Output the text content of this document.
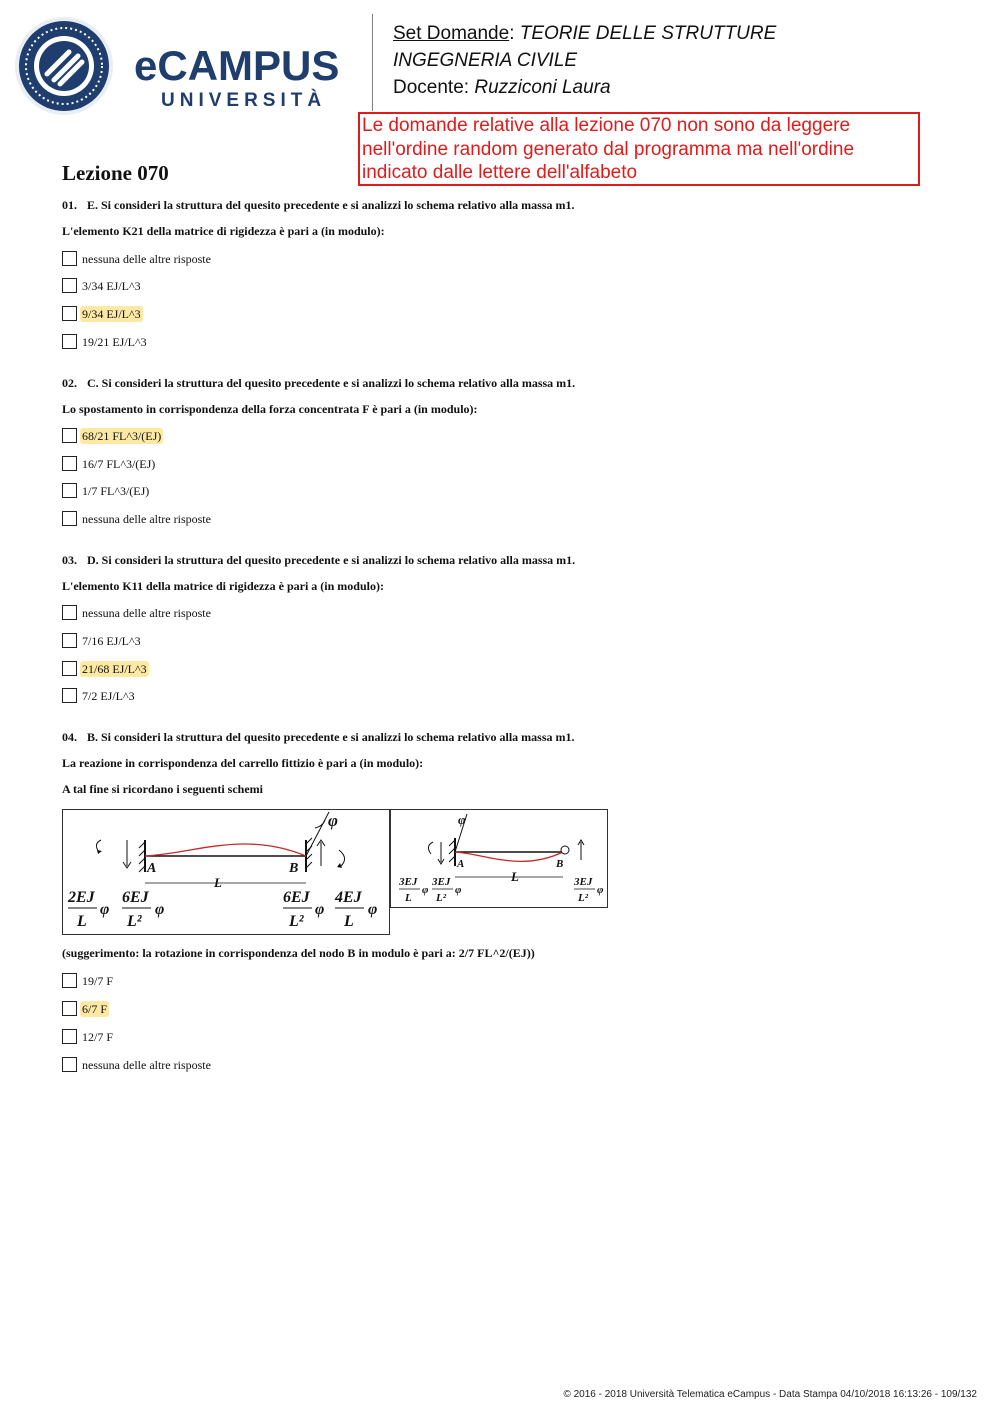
eCAMPUS
UNIVERSITÀ
Set Domande: TEORIE DELLE STRUTTURE
INGEGNERIA CIVILE
Docente: Ruzziconi Laura
Le domande relative alla lezione 070 non sono da leggere
nell'ordine random generato dal programma ma nell'ordine
indicato dalle lettere dell'alfabeto
Lezione 070
01. E. Si consideri la struttura del quesito precedente e si analizzi lo schema relativo alla massa m1.
L'elemento K21 della matrice di rigidezza è pari a (in modulo):
nessuna delle altre risposte
3/34 EJ/L^3
9/34 EJ/L^3
19/21 EJ/L^3
02. C. Si consideri la struttura del quesito precedente e si analizzi lo schema relativo alla massa m1.
Lo spostamento in corrispondenza della forza concentrata F è pari a (in modulo):
68/21 FL^3/(EJ)
16/7 FL^3/(EJ)
1/7 FL^3/(EJ)
nessuna delle altre risposte
03. D. Si consideri la struttura del quesito precedente e si analizzi lo schema relativo alla massa m1.
L'elemento K11 della matrice di rigidezza è pari a (in modulo):
nessuna delle altre risposte
7/16 EJ/L^3
21/68 EJ/L^3
7/2 EJ/L^3
04. B. Si consideri la struttura del quesito precedente e si analizzi lo schema relativo alla massa m1.
La reazione in corrispondenza del carrello fittizio è pari a (in modulo):
A tal fine si ricordano i seguenti schemi
A	B
L
φ
2EJ
L
φ
6EJ
L²
φ
6EJ
L²
φ
4EJ
L
φ
A	B
L
φ
3EJ
L
φ
3EJ
L²
φ
3EJ
L²
φ
(suggerimento: la rotazione in corrispondenza del nodo B in modulo è pari a: 2/7 FL^2/(EJ))
19/7 F
6/7 F
12/7 F
nessuna delle altre risposte
© 2016 - 2018 Università Telematica eCampus - Data Stampa 04/10/2018 16:13:26 - 109/132
